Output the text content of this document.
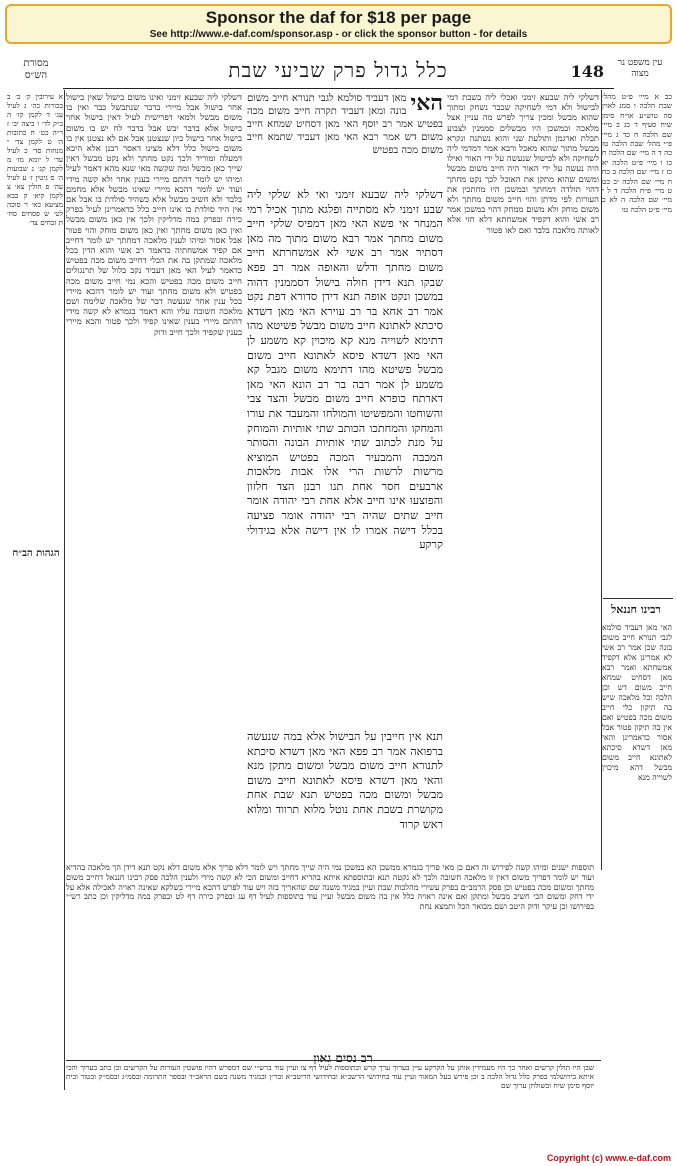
Sponsor the daf for $18 per page
See http://www.e-daf.com/sponsor.asp - or click the sponsor button - for details
מסורת הש״ס	כלל גדול פרק שביעי שבת	148	עין משפט נר מצוה
א עירובין ק׳ ב׳ ב בכורות כה׳ ג לעיל עג׳ ד לקמן קז׳ ה ב״ק לד׳ ו ביצה יב׳ ז ר״ה כט׳ ח כתובות ה׳ ט לקמן צד׳ י מנחות סד׳ כ לעיל עד׳ ל יומא מז׳ מ לקמן קג׳ נ שבועות ה׳ ס גיטין ז׳ ע לעיל עה׳ פ חולין צא׳ צ לקמן קיא׳ ק בבא מציעא כא׳ ר סוכה לט׳ ש פסחים סח׳ ת זבחים צד׳
הגהות הב״ח
דשלקי ליה שבעא זימני ואינו משום בישול שאין בישול אחר בישול אבל מיירי בדבר שנתבשל כבר ואין בו משום מבשל ולמאי דפרישית לעיל דאין בישול אחר בישול אלא בדבר יבש אבל בדבר לח יש בו משום בישול אחר בישול כיון שנצטנן אבל אם לא נצטנן אין בו משום בישול כלל דלא מצינו דאסר רבנן אלא היכא דמעלה ומוריד ולכך נקט מחתך ולא נקט מבשל דאין שייך כאן מבשל ומה שקשה מאי שנא מהא דאמר לעיל ומיהו יש לומר דהתם מיירי בענין אחר ולא קשה מידי ועוד יש לומר דהכא מיירי שאינו מבשל אלא מחמם בלבד ולא חשיב מבשל אלא כשהיד סולדת בו אבל אם אין היד סולדת בו אינו חייב כלל כדאמרינן לעיל בפרק כירה ובפרק במה מדליקין ולכך אין כאן משום מבשל ואין כאן משום מחתך ואין כאן משום מוחק והוי פטור אבל אסור ומיהו לענין מלאכה דמחתך יש לומר דחייב אם קפיד אמשחתיה כדאמר רב אשי והוא הדין בכל מלאכה שמתקן בה את הכלי דחייב משום מכה בפטיש כדאמר לעיל האי מאן דעביד נקב בלול של תרנגולים חייב משום מכה בפטיש והכא נמי חייב משום מכה בפטיש ולא משום מחתך ועוד יש לומר דהכא מיירי בכל ענין אחר שנעשה דבר של מלאכה שלימה ושם מלאכה חשובה עליו והא דאמר בגמרא לא קשה מידי דהתם מיירי בענין שאינו קפיד ולכך פטור והכא מיירי בענין שקפיד ולכך חייב ודוק
האי
מאן דעביד סולמא לגבי תנורא חייב משום בונה ומאן דעביד תקרה חייב משום מכה בפטיש אמר רב יוסף האי מאן דסחיט שמחא חייב משום דש אמר רבא האי מאן דעביד שתמא חייב משום מכה בפטיש
דשלקי ליה שבעא זימני ואי לא שלקי ליה שבע זימני לא מסתייה ופלגא מתוך אכיל רמי המנחר אי פשא האי מאן דמפיס שלקי חייב משום מחתך אמר רבא משום מתוך מה מאן דסתיר אמר רב אשי לא אמשחרתא חייב משום מחתך ודלש והאופה אמר רב פפא שבקו תנא דידן חולה בישול דסממנין דהוה במשכן ונקט אופה תנא דידן סדורא דפת נקט אמר רב אחא בר רב עוירא האי מאן דשדא סיכתא לאתונא חייב משום מבשל פשיטא מהו דתימא לשוייה מנא קא מיכוין קא משמע לן האי מאן דשדא פיסא לאתונא חייב משום מבשל פשיטא מהו דתימא משום מגבל קא משמע לן אמר רבה בר רב הונא האי מאן דארתח כופרא חייב משום מבשל והצד צבי והשוחטו והמפשיטו והמולחו והמעבד את עורו והמחקו והמחתכו הכותב שתי אותיות והמוחק על מנת לכתוב שתי אותיות הבונה והסותר המכבה והמבעיר המכה בפטיש המוציא מרשות לרשות הרי אלו אבות מלאכות ארבעים חסר אחת תנו רבנן הצד חלזון והפוצעו אינו חייב אלא אחת רבי יהודה אומר חייב שתים שהיה רבי יהודה אומר פציעה בכלל דישה אמרו לו אין דישה אלא בגידולי קרקע
תנא אין חייבין על הבישול אלא במה שנעשה ברפואה אמר רב פפא האי מאן דשדא סיכתא לתנורא חייב משום מבשל ומשום מתקן מנא והאי מאן דשדא פיסא לאתונא חייב משום מבשל ומשום מכה בפטיש תנא שבת אחת מקושרת בשבת אחת נוטל מלוא תרווד ומלוא ראש קרוד
דשלקי ליה שבעא זימני ואכלי ליה בשבת דמי לבישול ולא דמי לשחיקה שכבר נשחק ומתוך שהוא מבשל ומכין צריך לפרש מה עניין אצל מלאכה ובמשכן היו מבשלים סממנין לצבוע תכלת וארגמן ותולעת שני והוא נשתנה ונקרא מבשל מתוך שהוא מאכל ורבא אמר דמדמי ליה לשחיקה ולא לבישול שנעשה על ידי האור ואילו היה נעשה על ידי האור היה חייב משום מבשל ומשום שהוא מתקן את האוכל לכך נקט מחתך דהוי תולדה דמחתך ובמשכן היו מחתכין את העורות לפי מדתן והוי חייב משום מחתך ולא משום מוחק ולא משום ממחק דהוי במשכן אמר רב אשי והוא דקפיד אמשחתא דלא חזי אלא לאותה מלאכה בלבד ואם לאו פטור
כב א מיי׳ פ״ט מהל׳ שבת הלכה ו סמג לאוין סה טוש״ע או״ח סימן שיח סעיף ד כג ב מיי׳ שם הלכה ח כד ג מיי׳ פ״י מהל׳ שבת הלכה טז כה ד ה מיי׳ שם הלכה ח כו ו מיי׳ פ״ט הלכה יא כז ז מיי׳ שם הלכה ב כח ח מיי׳ שם הלכה יב כט ט מיי׳ פ״ח הלכה ד ל י מיי׳ שם הלכה ה לא כ מיי׳ פ״ט הלכה טו
רבינו חננאל
האי מאן דעביד סולמא לגבי תנורא חייב משום בונה שכן אמר רב אשי לא אמרינן אלא דקפיד אמשחתא ואמר רבא מאן דסחיט שמחא חייב משום דש וכן הלכה וכל מלאכה שיש בה תיקון כלי חייב משום מכה בפטיש ואם אין בה תיקון פטור אבל אסור כדאמרינן והאי מאן דשדא סיכתא לאתונא חייב משום מבשל דהא מיכוין לשוייה מנא
תוספות ישנים ומיהו קשה לפירוש זה דאם כן מאי פריך בגמרא ממשכן הא במשכן נמי היה שייך מחתך ויש לומר דלא פריך אלא משום דלא נקט תנא דידן הך מלאכה בהדיא ועוד יש לומר דפריך משום דאין זו מלאכה חשובה ולכך לא נקטה תנא ובתוספתא איתא בהדיא דחייב ומשום הכי לא קשה מידי ולענין הלכה פסק רבינו חננאל דחייב משום מחתך ומשום מכה בפטיש וכן פסק הרמב״ם בפרק עשירי מהלכות שבת ועיין במגיד משנה שם שהאריך בזה ויש עוד לפרש דהכא מיירי בשלקא שאינה ראויה לאכילה אלא על ידי דחק ומשום הכי חשיב מבשל ומתקן ואם אינה ראויה כלל אין בה משום מבשל ועיין עוד בתוספות לעיל דף עג ובפרק כירה דף לט ובפרק במה מדליקין וכן כתב רש״י בפירושו וכן עיקר ודוק היטב ושם מבואר הכל ותמצא נחת
רב נסים גאון
שבן היו תולין קרשים ואחר כך היו מעמידין אותן על הקרקע עיין בערוך ערך קרש ובתוספות לעיל דף צו ועיין עוד ברש״י שם דמפרש דהיו פושטין העורות על הקרשים וכן כתב בערוך והכי איתא בירושלמי בפרק כלל גדול הלכה ב וכן פירש בעל המאור ועיין עוד בחידושי הרשב״א ובחידושי הריטב״א ובר״ן ובמגיד משנה בשם הראב״ד ובספר התרומה ובסמ״ג ובסמ״ק ובטור ובית יוסף סימן שיח ובשולחן ערוך שם
Copyright (c) www.e-daf.com
